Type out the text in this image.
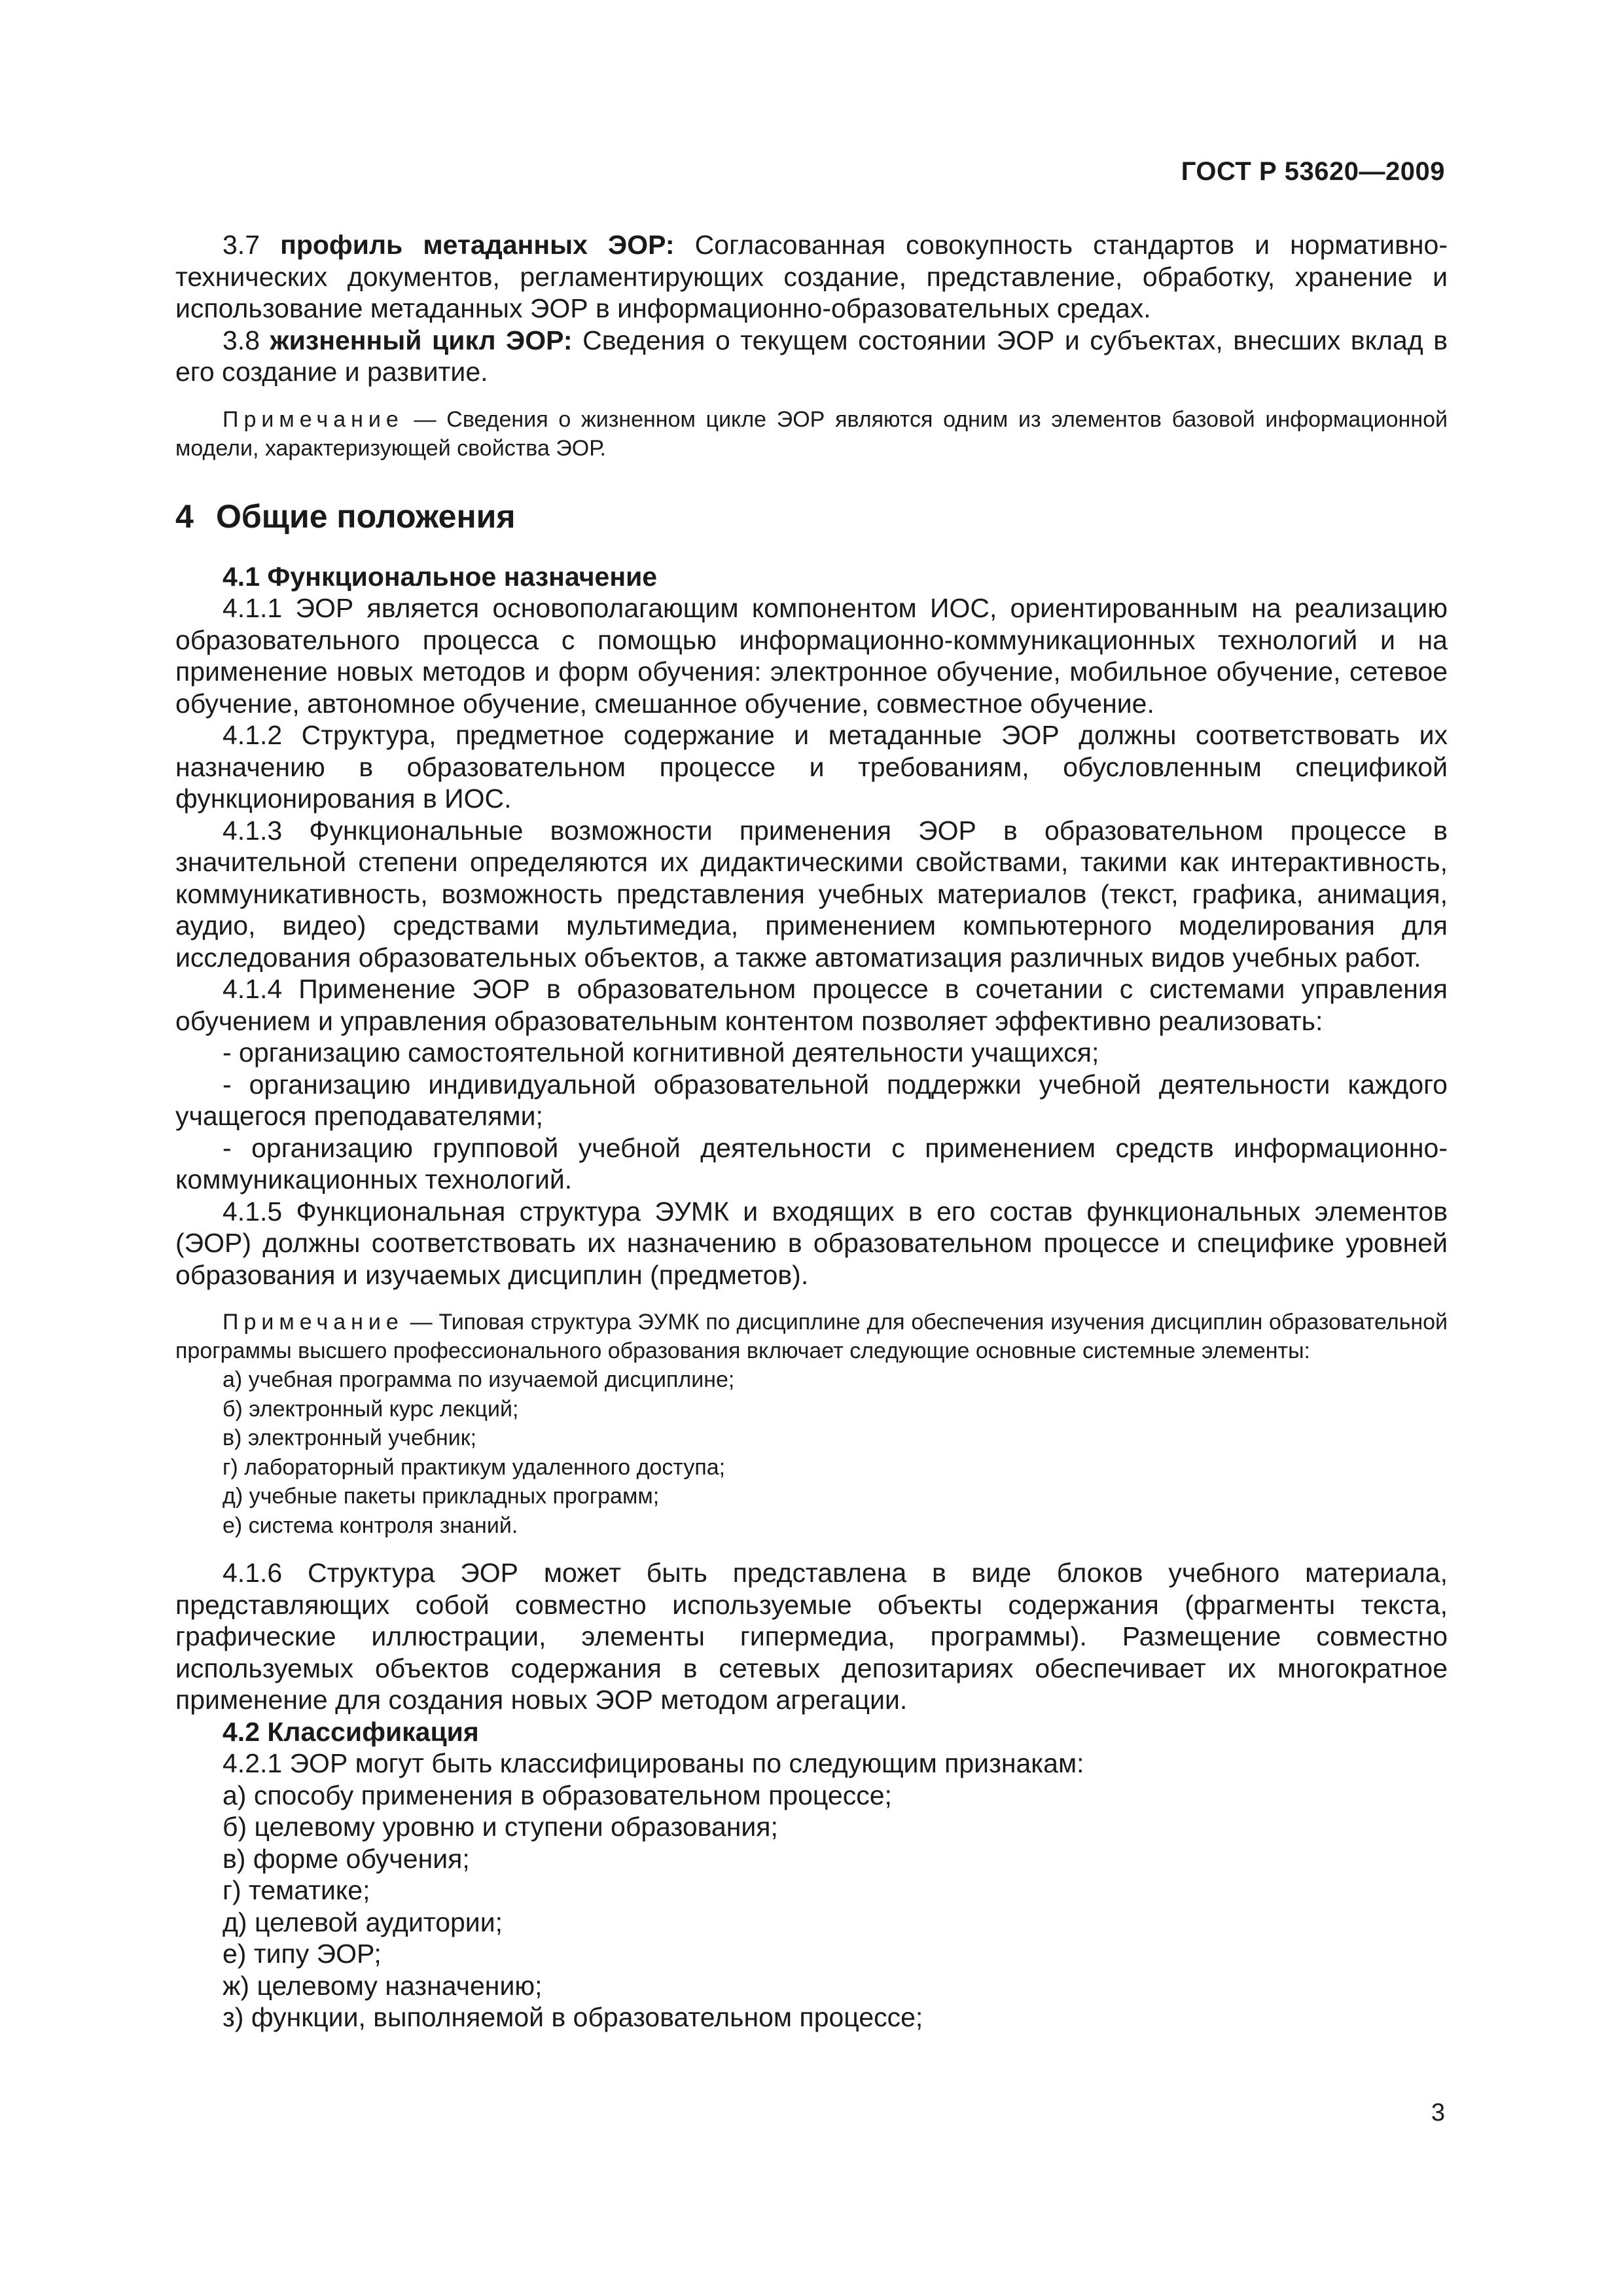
ГОСТ Р 53620—2009

3.7 профиль метаданных ЭОР: Согласованная совокупность стандартов и нормативно-технических документов, регламентирующих создание, представление, обработку, хранение и использование метаданных ЭОР в информационно-образовательных средах.

3.8 жизненный цикл ЭОР: Сведения о текущем состоянии ЭОР и субъектах, внесших вклад в его создание и развитие.

Примечание — Сведения о жизненном цикле ЭОР являются одним из элементов базовой информационной модели, характеризующей свойства ЭОР.

4 Общие положения

4.1 Функциональное назначение

4.1.1 ЭОР является основополагающим компонентом ИОС, ориентированным на реализацию образовательного процесса с помощью информационно-коммуникационных технологий и на применение новых методов и форм обучения: электронное обучение, мобильное обучение, сетевое обучение, автономное обучение, смешанное обучение, совместное обучение.

4.1.2 Структура, предметное содержание и метаданные ЭОР должны соответствовать их назначению в образовательном процессе и требованиям, обусловленным спецификой функционирования в ИОС.

4.1.3 Функциональные возможности применения ЭОР в образовательном процессе в значительной степени определяются их дидактическими свойствами, такими как интерактивность, коммуникативность, возможность представления учебных материалов (текст, графика, анимация, аудио, видео) средствами мультимедиа, применением компьютерного моделирования для исследования образовательных объектов, а также автоматизация различных видов учебных работ.

4.1.4 Применение ЭОР в образовательном процессе в сочетании с системами управления обучением и управления образовательным контентом позволяет эффективно реализовать:

- организацию самостоятельной когнитивной деятельности учащихся;

- организацию индивидуальной образовательной поддержки учебной деятельности каждого учащегося преподавателями;

- организацию групповой учебной деятельности с применением средств информационно-коммуникационных технологий.

4.1.5 Функциональная структура ЭУМК и входящих в его состав функциональных элементов (ЭОР) должны соответствовать их назначению в образовательном процессе и специфике уровней образования и изучаемых дисциплин (предметов).

Примечание — Типовая структура ЭУМК по дисциплине для обеспечения изучения дисциплин образовательной программы высшего профессионального образования включает следующие основные системные элементы:

а) учебная программа по изучаемой дисциплине;

б) электронный курс лекций;

в) электронный учебник;

г) лабораторный практикум удаленного доступа;

д) учебные пакеты прикладных программ;

е) система контроля знаний.

4.1.6 Структура ЭОР может быть представлена в виде блоков учебного материала, представляющих собой совместно используемые объекты содержания (фрагменты текста, графические иллюстрации, элементы гипермедиа, программы). Размещение совместно используемых объектов содержания в сетевых депозитариях обеспечивает их многократное применение для создания новых ЭОР методом агрегации.

4.2 Классификация

4.2.1 ЭОР могут быть классифицированы по следующим признакам:

а) способу применения в образовательном процессе;

б) целевому уровню и ступени образования;

в) форме обучения;

г) тематике;

д) целевой аудитории;

е) типу ЭОР;

ж) целевому назначению;

з) функции, выполняемой в образовательном процессе;

3
